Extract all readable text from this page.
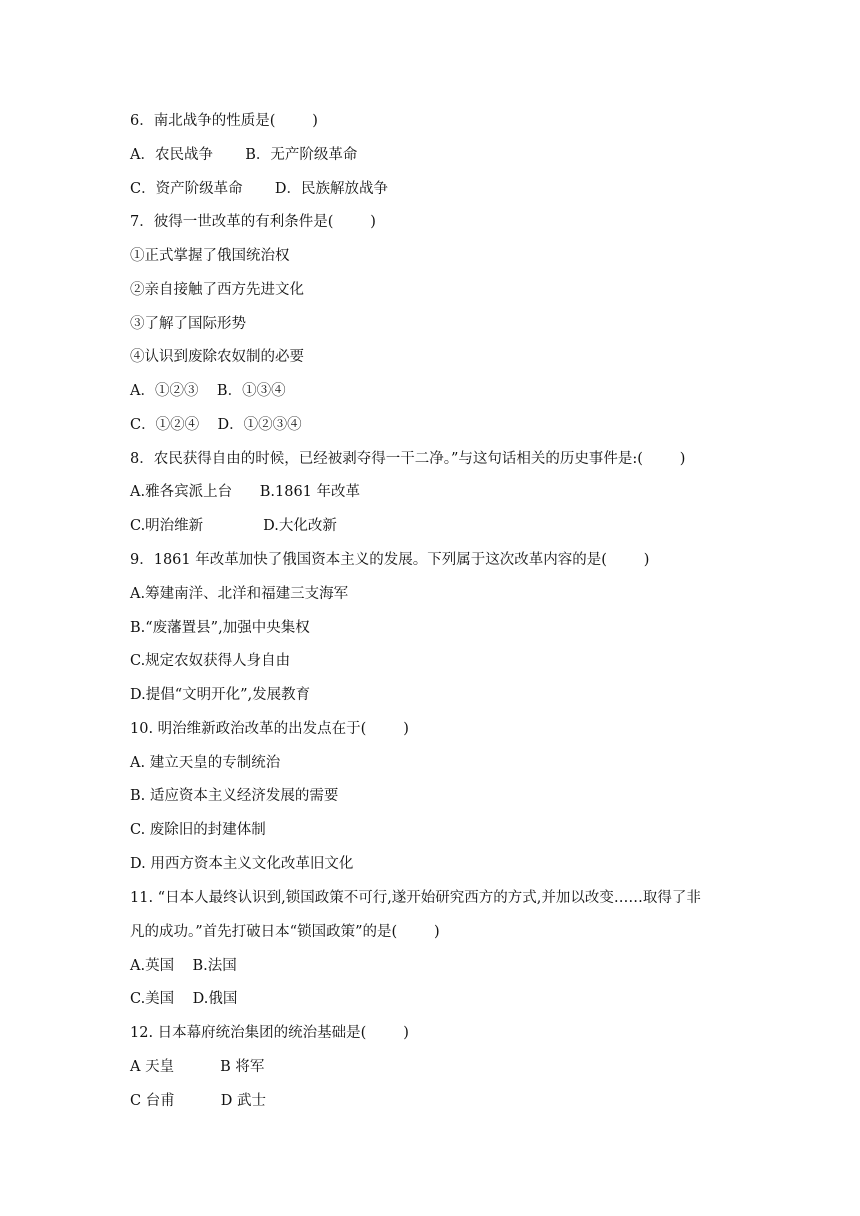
6．南北战争的性质是(        )
A．农民战争       B．无产阶级革命
C．资产阶级革命       D．民族解放战争
7．彼得一世改革的有利条件是(        )
①正式掌握了俄国统治权
②亲自接触了西方先进文化
③了解了国际形势
④认识到废除农奴制的必要
A．①②③    B．①③④
C．①②④    D．①②③④
8．农民获得自由的时候，已经被剥夺得一干二净。”与这句话相关的历史事件是:(        )
A.雅各宾派上台      B.1861 年改革
C.明治维新             D.大化改新
9．1861 年改革加快了俄国资本主义的发展。下列属于这次改革内容的是(        )
A.筹建南洋、北洋和福建三支海军
B.“废藩置县”,加强中央集权
C.规定农奴获得人身自由
D.提倡“文明开化”,发展教育
10. 明治维新政治改革的出发点在于(        )
A. 建立天皇的专制统治
B. 适应资本主义经济发展的需要
C. 废除旧的封建体制
D. 用西方资本主义文化改革旧文化
11. “日本人最终认识到,锁国政策不可行,遂开始研究西方的方式,并加以改变……取得了非
凡的成功。”首先打破日本“锁国政策”的是(        )
A.英国    B.法国
C.美国    D.俄国
12. 日本幕府统治集团的统治基础是(        )
A 天皇          B 将军
C 台甫          D 武士
